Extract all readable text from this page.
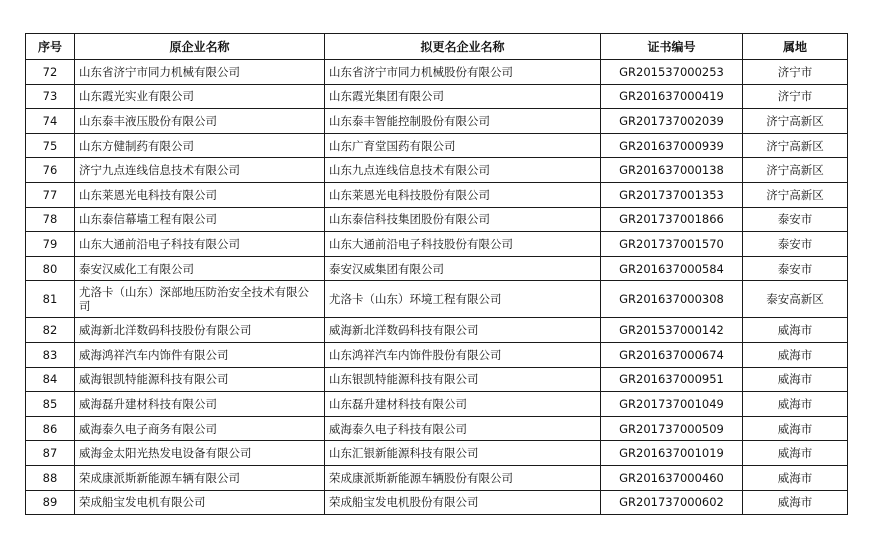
序号	原企业名称	拟更名企业名称	证书编号	属地
72	山东省济宁市同力机械有限公司	山东省济宁市同力机械股份有限公司	GR201537000253	济宁市
73	山东霞光实业有限公司	山东霞光集团有限公司	GR201637000419	济宁市
74	山东泰丰液压股份有限公司	山东泰丰智能控制股份有限公司	GR201737002039	济宁高新区
75	山东方健制药有限公司	山东广育堂国药有限公司	GR201637000939	济宁高新区
76	济宁九点连线信息技术有限公司	山东九点连线信息技术有限公司	GR201637000138	济宁高新区
77	山东莱恩光电科技有限公司	山东莱恩光电科技股份有限公司	GR201737001353	济宁高新区
78	山东泰信幕墙工程有限公司	山东泰信科技集团股份有限公司	GR201737001866	泰安市
79	山东大通前沿电子科技有限公司	山东大通前沿电子科技股份有限公司	GR201737001570	泰安市
80	泰安汉威化工有限公司	泰安汉威集团有限公司	GR201637000584	泰安市
81	尤洛卡（山东）深部地压防治安全技术有限公司	尤洛卡（山东）环境工程有限公司	GR201637000308	泰安高新区
82	威海新北洋数码科技股份有限公司	威海新北洋数码科技有限公司	GR201537000142	威海市
83	威海鸿祥汽车内饰件有限公司	山东鸿祥汽车内饰件股份有限公司	GR201637000674	威海市
84	威海银凯特能源科技有限公司	山东银凯特能源科技有限公司	GR201637000951	威海市
85	威海磊升建材科技有限公司	山东磊升建材科技有限公司	GR201737001049	威海市
86	威海泰久电子商务有限公司	威海泰久电子科技有限公司	GR201737000509	威海市
87	威海金太阳光热发电设备有限公司	山东汇银新能源科技有限公司	GR201637001019	威海市
88	荣成康派斯新能源车辆有限公司	荣成康派斯新能源车辆股份有限公司	GR201637000460	威海市
89	荣成船宝发电机有限公司	荣成船宝发电机股份有限公司	GR201737000602	威海市
